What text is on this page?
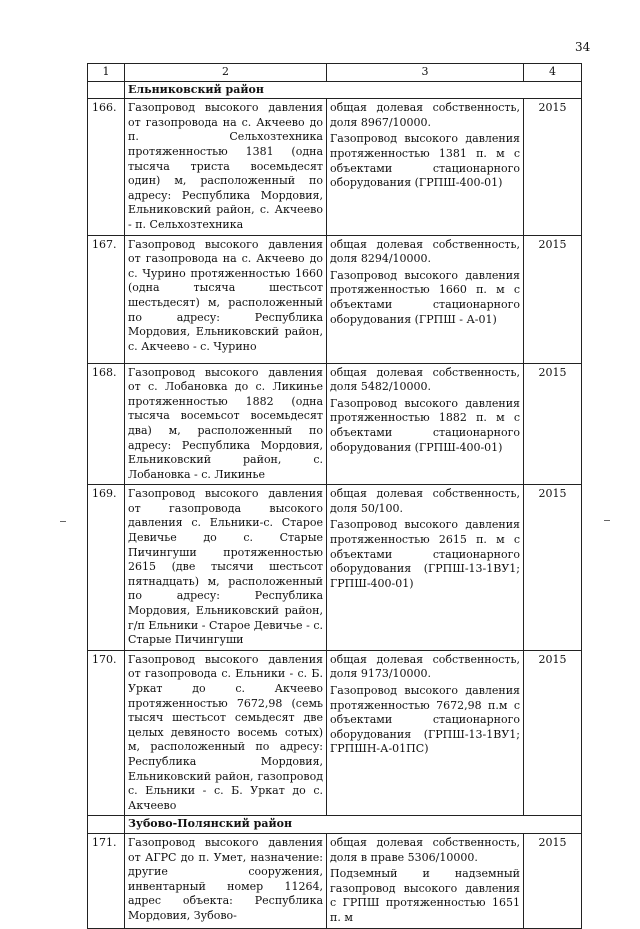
34
1	2	3	4
	Ельниковский район		
166.	Газопровод высокого давления от газопровода на с. Акчеево до п. Сельхозтехника протяженностью 1381 (одна тысяча триста восемьдесят один) м, расположенный по адресу: Республика Мордовия, Ельниковский район, с. Акчеево - п. Сельхозтехника	общая долевая собственность, доля 8967/10000.

Газопровод высокого давления протяженностью 1381 п. м с объектами стационарного оборудования (ГРПШ-400-01)	2015
167.	Газопровод высокого давления от газопровода на с. Акчеево до с. Чурино протяженностью 1660 (одна тысяча шестьсот шестьдесят) м, расположенный по адресу: Республика Мордовия, Ельниковский район, с. Акчеево - с. Чурино	общая долевая собственность, доля 8294/10000.

Газопровод высокого давления протяженностью 1660 п. м с объектами стационарного оборудования (ГРПШ - А-01)	2015
168.	Газопровод высокого давления от с. Лобановка до с. Ликинье протяженностью 1882 (одна тысяча восемьсот восемьдесят два) м, расположенный по адресу: Республика Мордовия, Ельниковский район, с. Лобановка - с. Ликинье	общая долевая собственность, доля 5482/10000.

Газопровод высокого давления протяженностью 1882 п. м с объектами стационарного оборудования (ГРПШ-400-01)	2015
169.	Газопровод высокого давления от газопровода высокого давления с. Ельники-с. Старое Девичье до с. Старые Пичингуши протяженностью 2615 (две тысячи шестьсот пятнадцать) м, расположенный по адресу: Республика Мордовия, Ельниковский район, г/п Ельники - Старое Девичье - с. Старые Пичингуши	общая долевая собственность, доля 50/100.

Газопровод высокого давления протяженностью 2615 п. м с объектами стационарного оборудования (ГРПШ-13-1ВУ1; ГРПШ-400-01)	2015
170.	Газопровод высокого давления от газопровода с. Ельники - с. Б. Уркат до с. Акчеево протяженностью 7672,98 (семь тысяч шестьсот семьдесят две целых девяносто восемь сотых) м, расположенный по адресу: Республика Мордовия, Ельниковский район, газопровод с. Ельники - с. Б. Уркат до с. Акчеево	общая долевая собственность, доля 9173/10000.

Газопровод высокого давления протяженностью 7672,98 п.м с объектами стационарного оборудования (ГРПШ-13-1ВУ1; ГРПШН-А-01ПС)	2015
	Зубово-Полянский район		
171.	Газопровод высокого давления от АГРС до п. Умет, назначение: другие сооружения, инвентарный номер 11264, адрес объекта: Республика Мордовия, Зубово-	общая долевая собственность, доля в праве 5306/10000.

Подземный и надземный газопровод высокого давления с ГРПШ протяженностью 1651 п. м	2015
